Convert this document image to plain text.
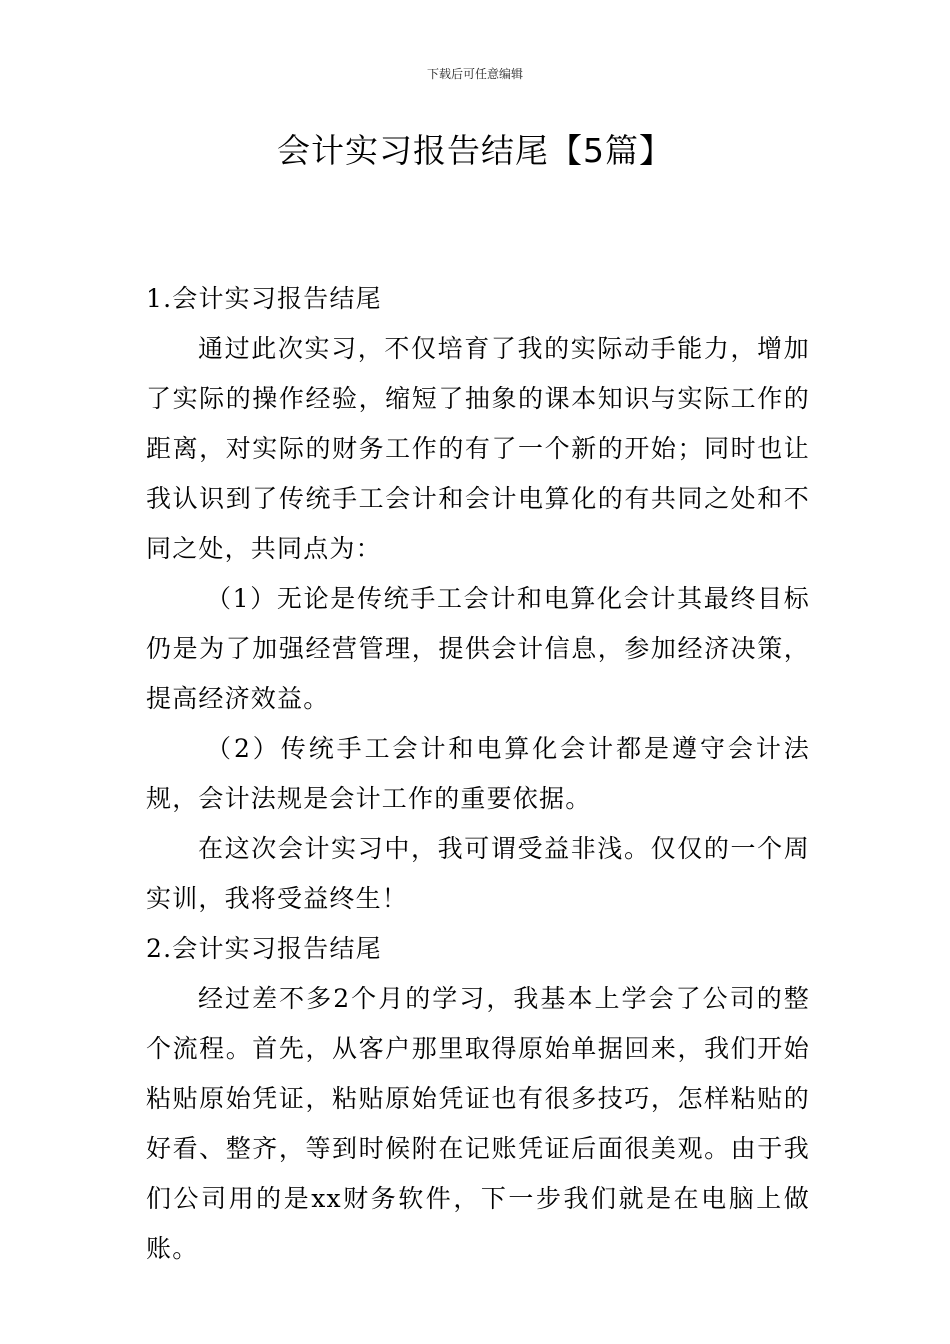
下载后可任意编辑
会计实习报告结尾【5篇】

1.会计实习报告结尾

通过此次实习，不仅培育了我的实际动手能力，增加了实际的操作经验，缩短了抽象的课本知识与实际工作的距离，对实际的财务工作的有了一个新的开始；同时也让我认识到了传统手工会计和会计电算化的有共同之处和不同之处，共同点为：

（1）无论是传统手工会计和电算化会计其最终目标仍是为了加强经营管理，提供会计信息，参加经济决策，提高经济效益。

（2）传统手工会计和电算化会计都是遵守会计法规，会计法规是会计工作的重要依据。

在这次会计实习中，我可谓受益非浅。仅仅的一个周实训，我将受益终生！

2.会计实习报告结尾

经过差不多2个月的学习，我基本上学会了公司的整个流程。首先，从客户那里取得原始单据回来，我们开始粘贴原始凭证，粘贴原始凭证也有很多技巧，怎样粘贴的好看、整齐，等到时候附在记账凭证后面很美观。由于我们公司用的是xx财务软件，下一步我们就是在电脑上做账。
